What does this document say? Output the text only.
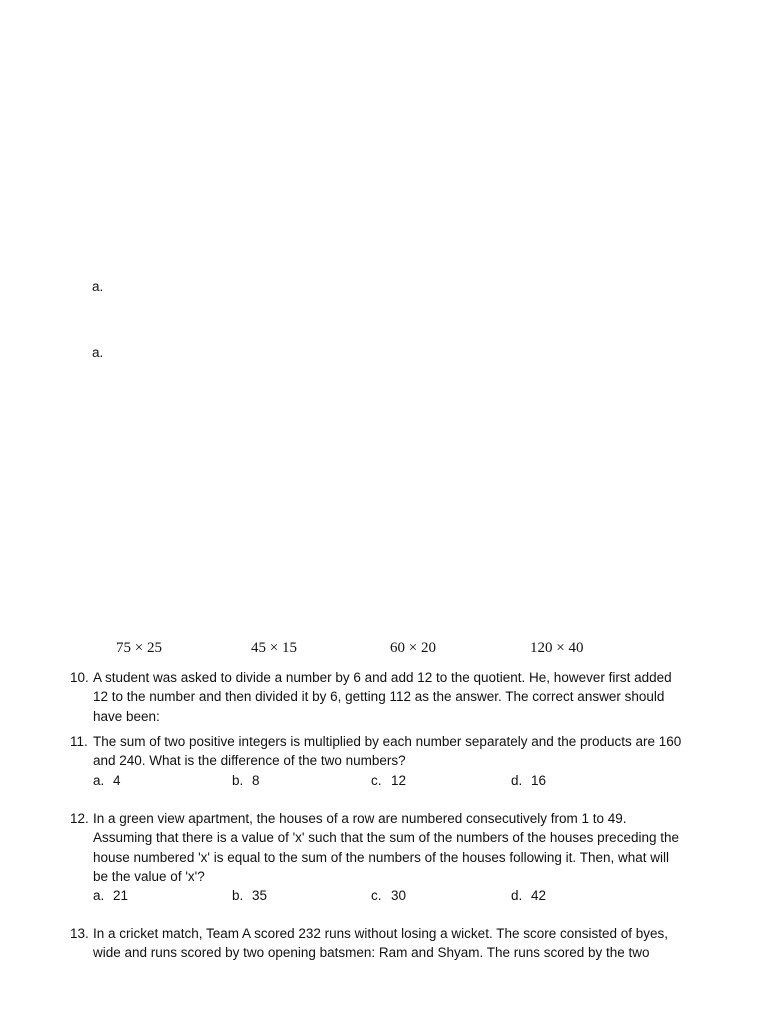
a.
a.
75 × 25	45 × 15	60 × 20	120 × 40
10. A student was asked to divide a number by 6 and add 12 to the quotient. He, however first added
12 to the number and then divided it by 6, getting 112 as the answer. The correct answer should
have been:
11. The sum of two positive integers is multiplied by each number separately and the products are 160
and 240. What is the difference of the two numbers?
a. 4	b. 8	c. 12	d. 16
12. In a green view apartment, the houses of a row are numbered consecutively from 1 to 49.
Assuming that there is a value of 'x' such that the sum of the numbers of the houses preceding the
house numbered 'x' is equal to the sum of the numbers of the houses following it. Then, what will
be the value of 'x'?
a. 21	b. 35	c. 30	d. 42
13. In a cricket match, Team A scored 232 runs without losing a wicket. The score consisted of byes,
wide and runs scored by two opening batsmen: Ram and Shyam. The runs scored by the two
